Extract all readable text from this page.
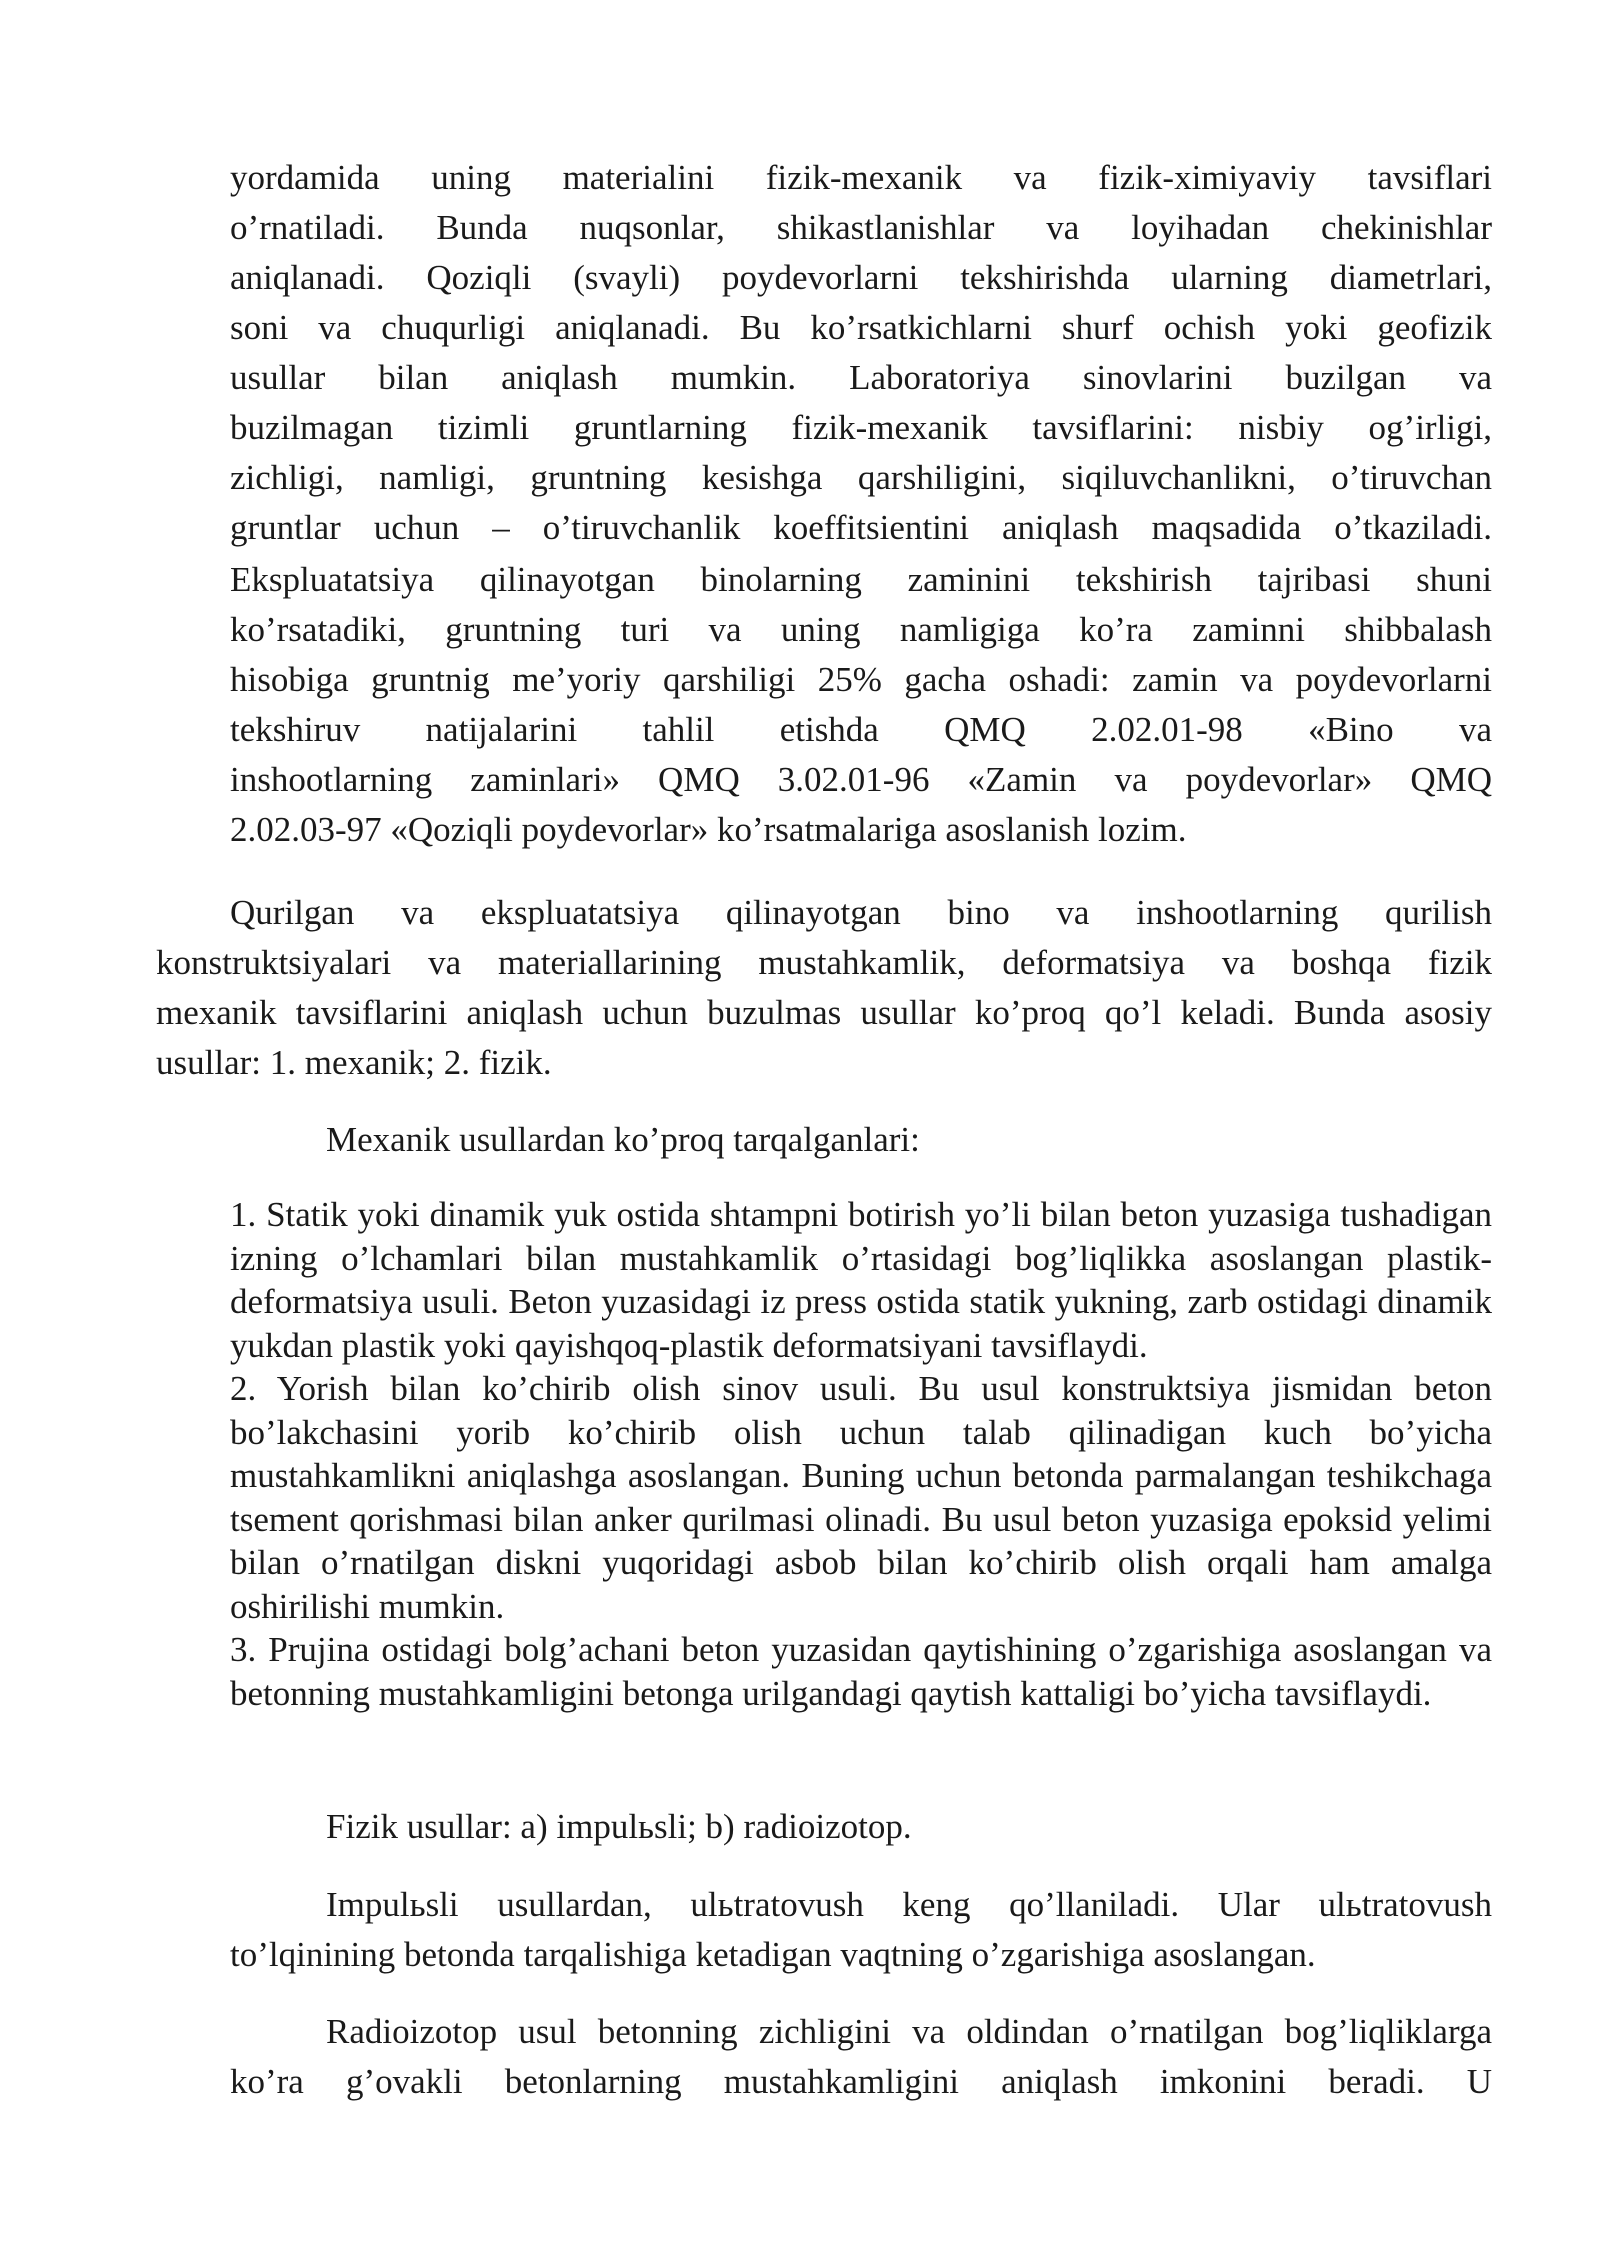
yordamida uning materialini fizik-mexanik va fizik-ximiyaviy tavsiflari
o’rnatiladi. Bunda nuqsonlar, shikastlanishlar va loyihadan chekinishlar
aniqlanadi. Qoziqli (svayli) poydevorlarni tekshirishda ularning diametrlari,
soni va chuqurligi aniqlanadi. Bu ko’rsatkichlarni shurf ochish yoki geofizik
usullar bilan aniqlash mumkin. Laboratoriya sinovlarini buzilgan va
buzilmagan tizimli gruntlarning fizik-mexanik tavsiflarini: nisbiy og’irligi,
zichligi, namligi, gruntning kesishga qarshiligini, siqiluvchanlikni, o’tiruvchan
gruntlar uchun – o’tiruvchanlik koeffitsientini aniqlash maqsadida o’tkaziladi.
Ekspluatatsiya qilinayotgan binolarning zaminini tekshirish tajribasi shuni
ko’rsatadiki, gruntning turi va uning namligiga ko’ra zaminni shibbalash
hisobiga gruntnig me’yoriy qarshiligi 25% gacha oshadi: zamin va poydevorlarni
tekshiruv natijalarini tahlil etishda QMQ 2.02.01-98 «Bino va
inshootlarning zaminlari» QMQ 3.02.01-96 «Zamin va poydevorlar» QMQ
2.02.03-97 «Qoziqli poydevorlar» ko’rsatmalariga asoslanish lozim.
Qurilgan va ekspluatatsiya qilinayotgan bino va inshootlarning qurilish
konstruktsiyalari va materiallarining mustahkamlik, deformatsiya va boshqa fizik
mexanik tavsiflarini aniqlash uchun buzulmas usullar ko’proq qo’l keladi. Bunda asosiy
usullar: 1. mexanik; 2. fizik.
Mexanik usullardan ko’proq tarqalganlari:

1. Statik yoki dinamik yuk ostida shtampni botirish yo’li bilan beton yuzasiga tushadigan izning o’lchamlari bilan mustahkamlik o’rtasidagi bog’liqlikka asoslangan plastik-deformatsiya usuli. Beton yuzasidagi iz press ostida statik yukning, zarb ostidagi dinamik yukdan plastik yoki qayishqoq-plastik deformatsiyani tavsiflaydi.

2. Yorish bilan ko’chirib olish sinov usuli. Bu usul konstruktsiya jismidan beton bo’lakchasini yorib ko’chirib olish uchun talab qilinadigan kuch bo’yicha mustahkamlikni aniqlashga asoslangan. Buning uchun betonda parmalangan teshikchaga tsement qorishmasi bilan anker qurilmasi olinadi. Bu usul beton yuzasiga epoksid yelimi bilan o’rnatilgan diskni yuqoridagi asbob bilan ko’chirib olish orqali ham amalga oshirilishi mumkin.

3. Prujina ostidagi bolg’achani beton yuzasidan qaytishining o’zgarishiga asoslangan va betonning mustahkamligini betonga urilgandagi qaytish kattaligi bo’yicha tavsiflaydi.

Fizik usullar: a) impulьsli; b) radioizotop.
Impulьsli usullardan, ulьtratovush keng qo’llaniladi. Ular ulьtratovush
to’lqinining betonda tarqalishiga ketadigan vaqtning o’zgarishiga asoslangan.
Radioizotop usul betonning zichligini va oldindan o’rnatilgan bog’liqliklarga
ko’ra g’ovakli betonlarning mustahkamligini aniqlash imkonini beradi. U
